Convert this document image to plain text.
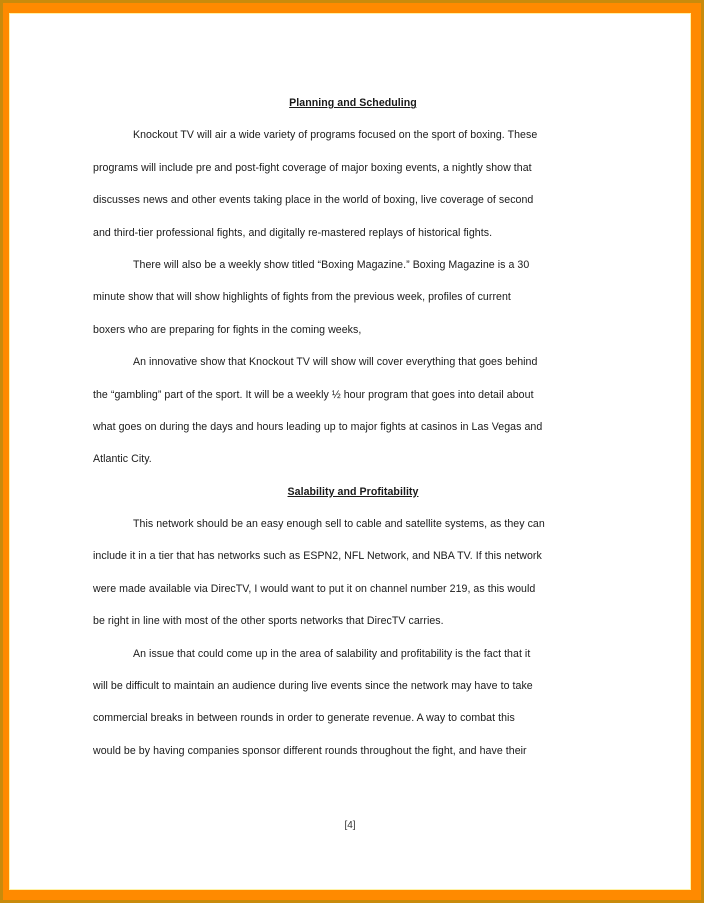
Planning and Scheduling
Knockout TV will air a wide variety of programs focused on the sport of boxing. These
programs will include pre and post-fight coverage of major boxing events, a nightly show that
discusses news and other events taking place in the world of boxing, live coverage of second
and third-tier professional fights, and digitally re-mastered replays of historical fights.
There will also be a weekly show titled “Boxing Magazine.” Boxing Magazine is a 30
minute show that will show highlights of fights from the previous week, profiles of current
boxers who are preparing for fights in the coming weeks,
An innovative show that Knockout TV will show will cover everything that goes behind
the “gambling” part of the sport. It will be a weekly ½ hour program that goes into detail about
what goes on during the days and hours leading up to major fights at casinos in Las Vegas and
Atlantic City.
Salability and Profitability
This network should be an easy enough sell to cable and satellite systems, as they can
include it in a tier that has networks such as ESPN2, NFL Network, and NBA TV. If this network
were made available via DirecTV, I would want to put it on channel number 219, as this would
be right in line with most of the other sports networks that DirecTV carries.
An issue that could come up in the area of salability and profitability is the fact that it
will be difficult to maintain an audience during live events since the network may have to take
commercial breaks in between rounds in order to generate revenue. A way to combat this
would be by having companies sponsor different rounds throughout the fight, and have their
[4]
